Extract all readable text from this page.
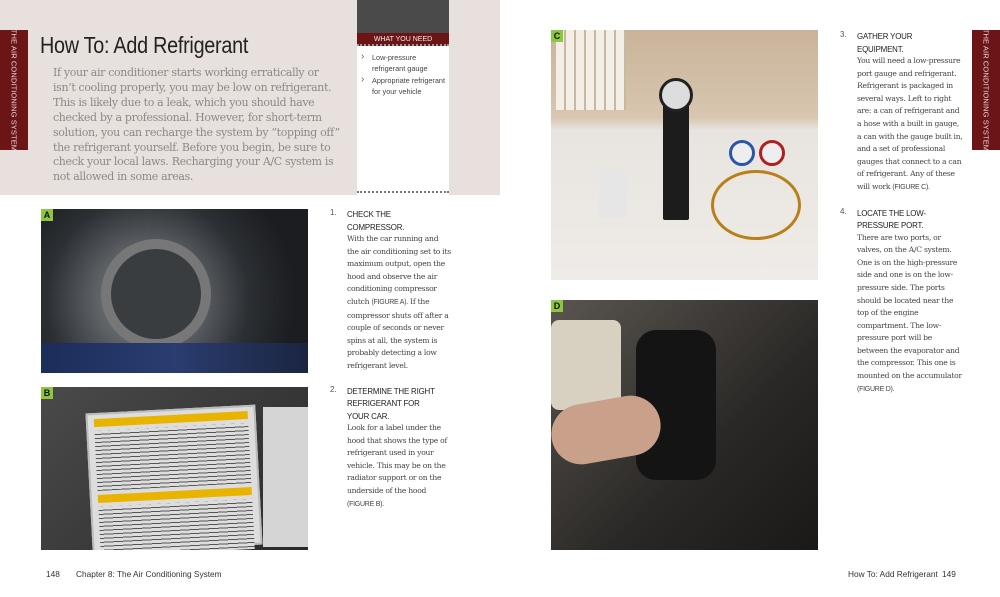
THE AIR CONDITIONING SYSTEM	THE AIR CONDITIONING SYSTEM
How To: Add Refrigerant
If your air conditioner starts working erratically or isn’t cooling properly, you may be low on refrigerant. This is likely due to a leak, which you should have checked by a professional. However, for short-term solution, you can recharge the system by “topping off” the refrigerant yourself. Before you begin, be sure to check your local laws. Recharging your A/C system is not allowed in some areas.
WHAT YOU NEED
› Low-pressure refrigerant gauge
› Appropriate refrigerant for your vehicle
A
B
1. CHECK THE COMPRESSOR.
With the car running and the air conditioning set to its maximum output, open the hood and observe the air conditioning compressor clutch (FIGURE A). If the compressor shuts off after a couple of seconds or never spins at all, the system is probably detecting a low refrigerant level.
2. DETERMINE THE RIGHT REFRIGERANT FOR YOUR CAR.
Look for a label under the hood that shows the type of refrigerant used in your vehicle. This may be on the radiator support or on the underside of the hood (FIGURE B).
C
D
3. GATHER YOUR EQUIPMENT.
You will need a low-pressure port gauge and refrigerant. Refrigerant is packaged in several ways. Left to right are: a can of refrigerant and a hose with a built in gauge, a can with the gauge built in, and a set of professional gauges that connect to a can of refrigerant. Any of these will work (FIGURE C).
4. LOCATE THE LOW-PRESSURE PORT.
There are two ports, or valves, on the A/C system. One is on the high-pressure side and one is on the low-pressure side. The ports should be located near the top of the engine compartment. The low-pressure port will be between the evaporator and the compressor. This one is mounted on the accumulator (FIGURE D).
148 Chapter 8: The Air Conditioning System	How To: Add Refrigerant 149
